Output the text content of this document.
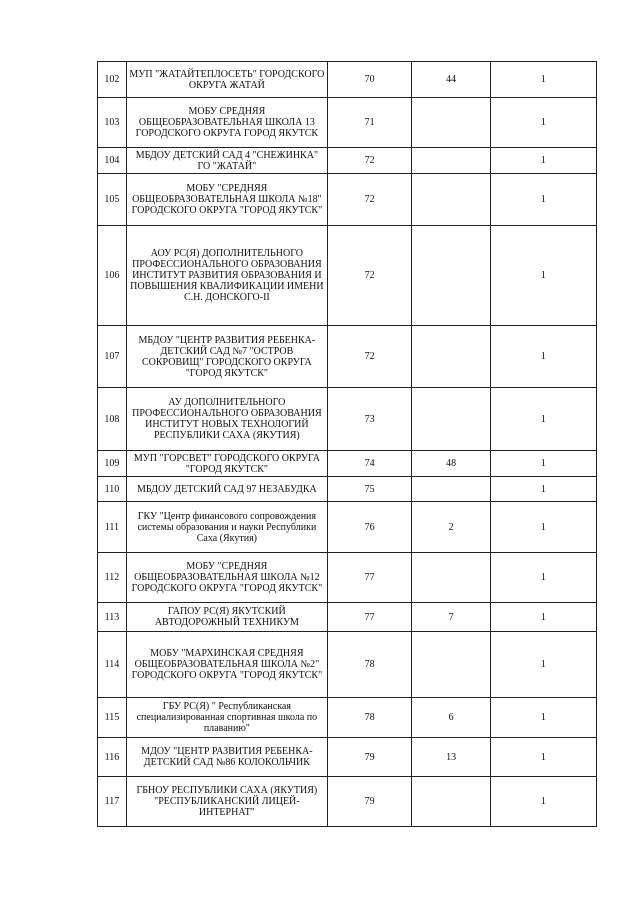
102	МУП "ЖАТАЙТЕПЛОСЕТЬ" ГОРОДСКОГО ОКРУГА ЖАТАЙ	70	44	1
103	МОБУ СРЕДНЯЯ ОБЩЕОБРАЗОВАТЕЛЬНАЯ ШКОЛА 13 ГОРОДСКОГО ОКРУГА ГОРОД ЯКУТСК	71		1
104	МБДОУ ДЕТСКИЙ САД 4 "СНЕЖИНКА" ГО "ЖАТАЙ"	72		1
105	МОБУ "СРЕДНЯЯ ОБЩЕОБРАЗОВАТЕЛЬНАЯ ШКОЛА №18" ГОРОДСКОГО ОКРУГА "ГОРОД ЯКУТСК"	72		1
106	АОУ РС(Я) ДОПОЛНИТЕЛЬНОГО ПРОФЕССИОНАЛЬНОГО ОБРАЗОВАНИЯ ИНСТИТУТ РАЗВИТИЯ ОБРАЗОВАНИЯ И ПОВЫШЕНИЯ КВАЛИФИКАЦИИ ИМЕНИ С.Н. ДОНСКОГО-II	72		1
107	МБДОУ "ЦЕНТР РАЗВИТИЯ РЕБЕНКА-ДЕТСКИЙ САД №7 "ОСТРОВ СОКРОВИЩ" ГОРОДСКОГО ОКРУГА "ГОРОД ЯКУТСК"	72		1
108	АУ ДОПОЛНИТЕЛЬНОГО ПРОФЕССИОНАЛЬНОГО ОБРАЗОВАНИЯ ИНСТИТУТ НОВЫХ ТЕХНОЛОГИЙ РЕСПУБЛИКИ САХА (ЯКУТИЯ)	73		1
109	МУП "ГОРСВЕТ" ГОРОДСКОГО ОКРУГА "ГОРОД ЯКУТСК"	74	48	1
110	МБДОУ ДЕТСКИЙ САД 97 НЕЗАБУДКА	75		1
111	ГКУ "Центр финансового сопровождения системы образования и науки Республики Саха (Якутия)	76	2	1
112	МОБУ "СРЕДНЯЯ ОБЩЕОБРАЗОВАТЕЛЬНАЯ ШКОЛА №12 ГОРОДСКОГО ОКРУГА "ГОРОД ЯКУТСК"	77		1
113	ГАПОУ РС(Я) ЯКУТСКИЙ АВТОДОРОЖНЫЙ ТЕХНИКУМ	77	7	1
114	МОБУ "МАРХИНСКАЯ СРЕДНЯЯ ОБЩЕОБРАЗОВАТЕЛЬНАЯ ШКОЛА №2" ГОРОДСКОГО ОКРУГА "ГОРОД ЯКУТСК"	78		1
115	ГБУ РС(Я) " Республиканская специализированная спортивная школа по плаванию"	78	6	1
116	МДОУ "ЦЕНТР РАЗВИТИЯ РЕБЕНКА- ДЕТСКИЙ САД №86 КОЛОКОЛЬЧИК	79	13	1
117	ГБНОУ РЕСПУБЛИКИ САХА (ЯКУТИЯ) "РЕСПУБЛИКАНСКИЙ ЛИЦЕЙ-ИНТЕРНАТ"	79		1
